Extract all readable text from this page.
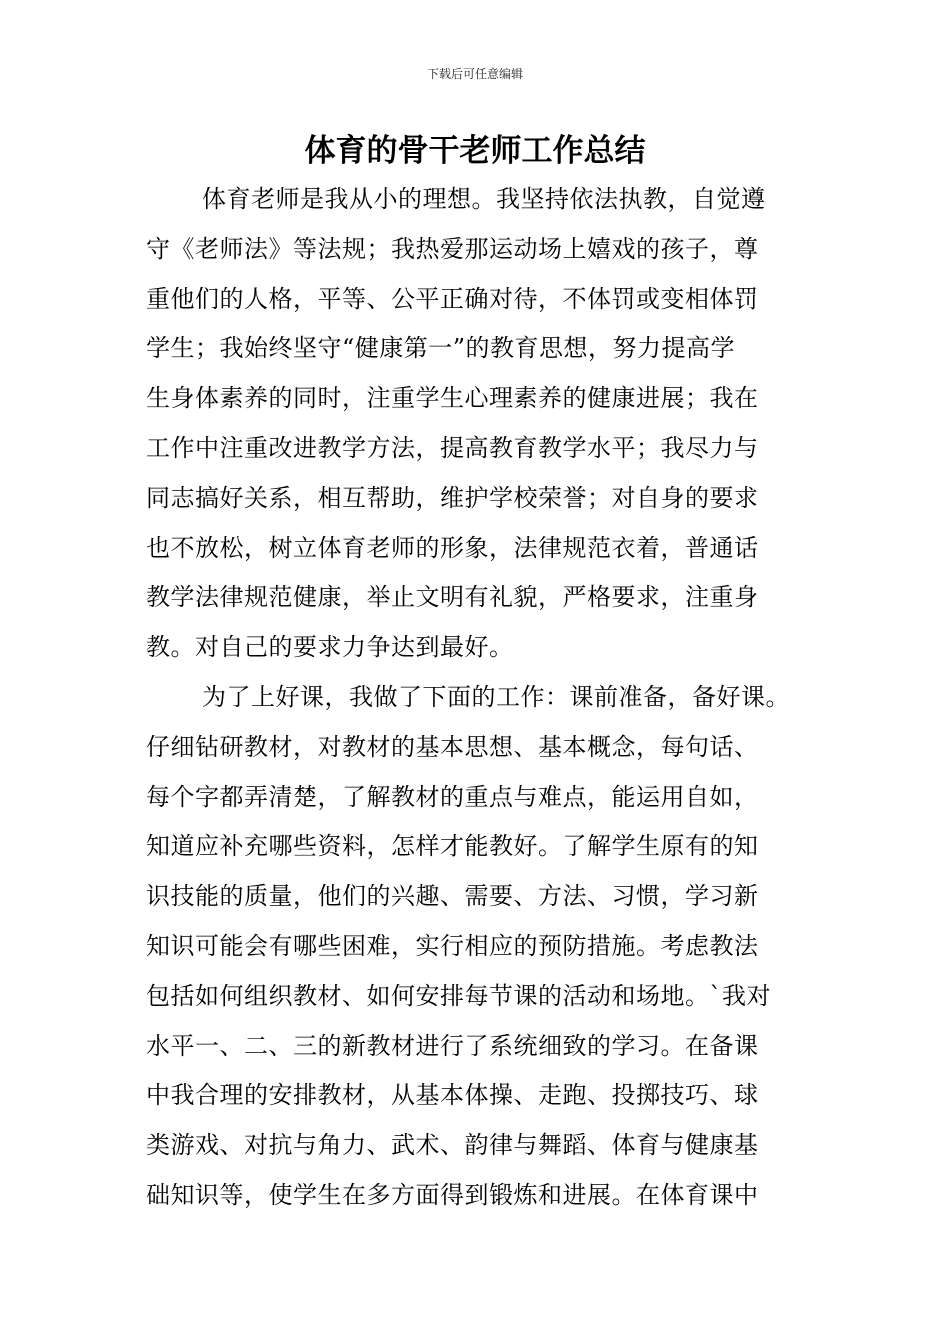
下载后可任意编辑
体育的骨干老师工作总结

体育老师是我从小的理想。我坚持依法执教，自觉遵
守《老师法》等法规；我热爱那运动场上嬉戏的孩子，尊
重他们的人格，平等、公平正确对待，不体罚或变相体罚
学生；我始终坚守“健康第一”的教育思想，努力提高学
生身体素养的同时，注重学生心理素养的健康进展；我在
工作中注重改进教学方法，提高教育教学水平；我尽力与
同志搞好关系，相互帮助，维护学校荣誉；对自身的要求
也不放松，树立体育老师的形象，法律规范衣着，普通话
教学法律规范健康，举止文明有礼貌，严格要求，注重身
教。对自己的要求力争达到最好。

为了上好课，我做了下面的工作：课前准备，备好课。
仔细钻研教材，对教材的基本思想、基本概念，每句话、
每个字都弄清楚，了解教材的重点与难点，能运用自如，
知道应补充哪些资料，怎样才能教好。了解学生原有的知
识技能的质量，他们的兴趣、需要、方法、习惯，学习新
知识可能会有哪些困难，实行相应的预防措施。考虑教法
包括如何组织教材、如何安排每节课的活动和场地。`我对
水平一、二、三的新教材进行了系统细致的学习。在备课
中我合理的安排教材，从基本体操、走跑、投掷技巧、球
类游戏、对抗与角力、武术、韵律与舞蹈、体育与健康基
础知识等，使学生在多方面得到锻炼和进展。在体育课中
